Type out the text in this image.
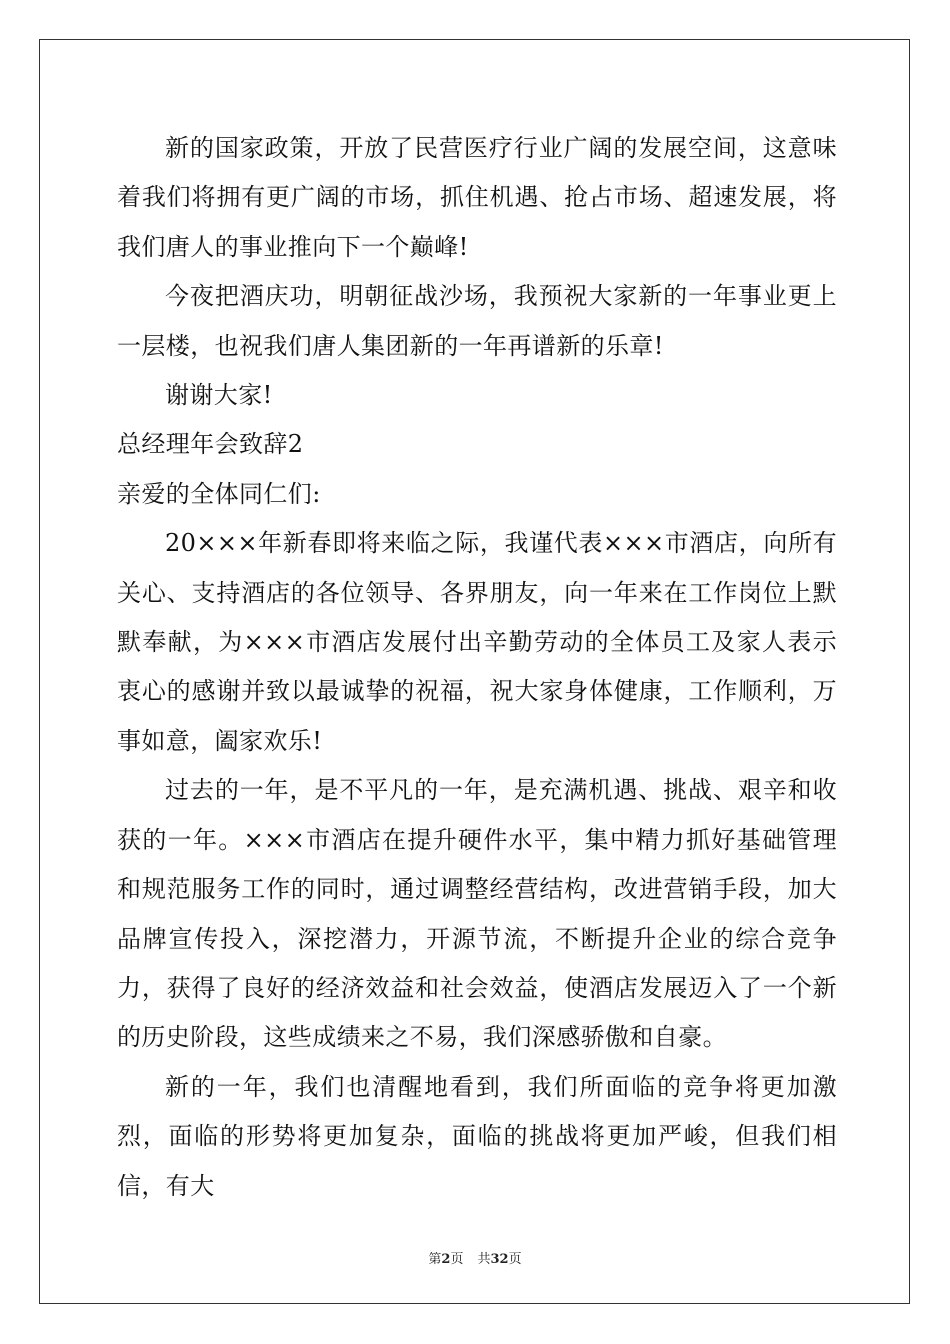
新的国家政策，开放了民营医疗行业广阔的发展空间，这意味着我们将拥有更广阔的市场，抓住机遇、抢占市场、超速发展，将我们唐人的事业推向下一个巅峰!

今夜把酒庆功，明朝征战沙场，我预祝大家新的一年事业更上一层楼，也祝我们唐人集团新的一年再谱新的乐章!

谢谢大家!

总经理年会致辞2

亲爱的全体同仁们:

20×××年新春即将来临之际，我谨代表×××市酒店，向所有关心、支持酒店的各位领导、各界朋友，向一年来在工作岗位上默默奉献，为×××市酒店发展付出辛勤劳动的全体员工及家人表示衷心的感谢并致以最诚挚的祝福，祝大家身体健康，工作顺利，万事如意，阖家欢乐!

过去的一年，是不平凡的一年，是充满机遇、挑战、艰辛和收获的一年。×××市酒店在提升硬件水平，集中精力抓好基础管理和规范服务工作的同时，通过调整经营结构，改进营销手段，加大品牌宣传投入，深挖潜力，开源节流，不断提升企业的综合竞争力，获得了良好的经济效益和社会效益，使酒店发展迈入了一个新的历史阶段，这些成绩来之不易，我们深感骄傲和自豪。

新的一年，我们也清醒地看到，我们所面临的竞争将更加激烈，面临的形势将更加复杂，面临的挑战将更加严峻，但我们相信，有大

第2页 共32页
